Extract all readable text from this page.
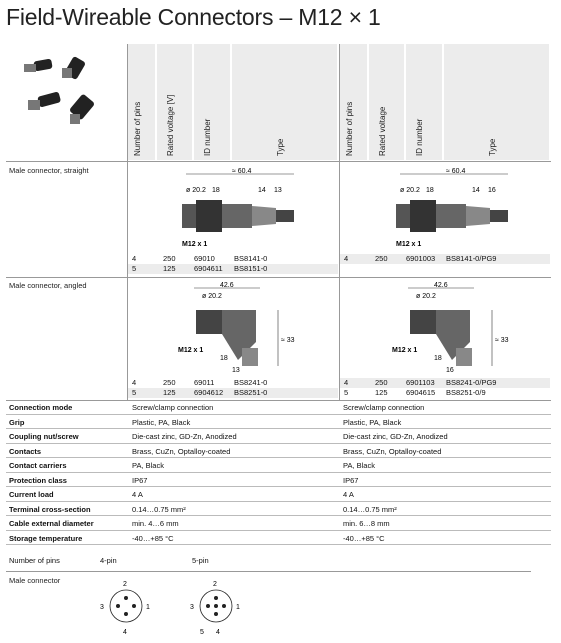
Field-Wireable Connectors – M12 × 1
Number of pins	Rated voltage [V]	ID number	Type	Number of pins	Rated voltage	ID number	Type
Male connector, straight	≈ 60.4
ø 20.2 18	14 13
M12 x 1
≈ 60.4
ø 20.2 18	14 16
M12 x 1
4	250 69010	BS8141-0
5	125 6904611 BS8151-0
4	250 6901003 BS8141-0/PG9
Male connector, angled	42.6
ø 20.2
≈ 33
M12 x 1
18
13
42.6
ø 20.2
≈ 33
M12 x 1
18
16
4	250 69011	BS8241-0
5	125 6904612 BS8251-0
4	250 6901103 BS8241-0/PG9
5	125 6904615 BS8251-0/9
Connection mode	Screw/clamp connection	Screw/clamp connection
Grip	Plastic, PA, Black	Plastic, PA, Black
Coupling nut/screw	Die-cast zinc, GD-Zn, Anodized	Die-cast zinc, GD-Zn, Anodized
Contacts	Brass, CuZn, Optalloy-coated	Brass, CuZn, Optalloy-coated
Contact carriers	PA, Black	PA, Black
Protection class	IP67	IP67
Current load	4 A	4 A
Terminal cross-section	0.14…0.75 mm²	0.14…0.75 mm²
Cable external diameter	min. 4…6 mm	min. 6…8 mm
Storage temperature	-40…+85 °C	-40…+85 °C
Number of pins	4-pin	5-pin
Male connector	2
3	1
4
2
3	1
5 4
